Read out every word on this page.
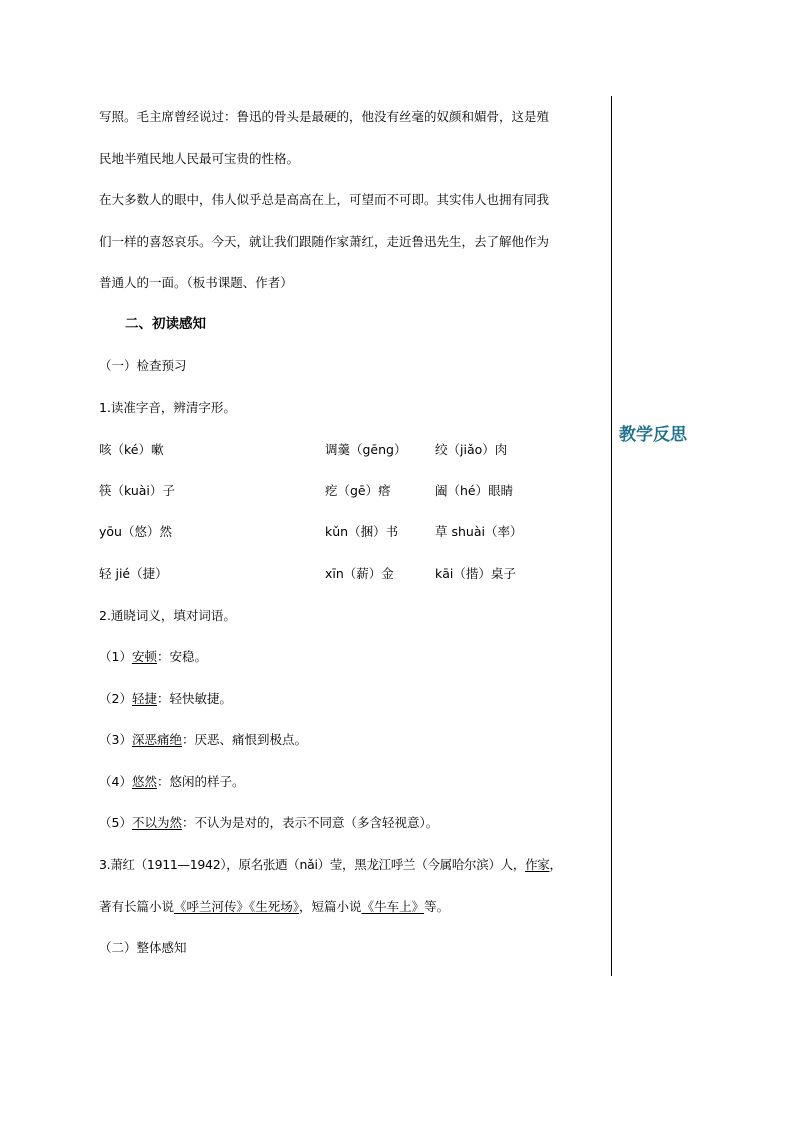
写照。毛主席曾经说过：鲁迅的骨头是最硬的，他没有丝毫的奴颜和媚骨，这是殖
民地半殖民地人民最可宝贵的性格。
在大多数人的眼中，伟人似乎总是高高在上，可望而不可即。其实伟人也拥有同我
们一样的喜怒哀乐。今天，就让我们跟随作家萧红，走近鲁迅先生，去了解他作为
普通人的一面。（板书课题、作者）
二、初读感知
（一）检查预习
1.读准字音，辨清字形。
咳（ké）嗽	调羹（gēng） 绞（jiǎo）肉
筷（kuài）子	疙（gē）瘩	阖（hé）眼睛
yōu（悠）然	kǔn（捆）书	草 shuài（率）
轻 jié（捷）	xīn（薪）金	kāi（揩）桌子
2.通晓词义，填对词语。
（1）安顿：安稳。
（2）轻捷：轻快敏捷。
（3）深恶痛绝：厌恶、痛恨到极点。
（4）悠然：悠闲的样子。
（5）不以为然：不认为是对的，表示不同意（多含轻视意）。
3.萧红（1911—1942），原名张迺（nǎi）莹，黑龙江呼兰（今属哈尔滨）人，作家，
著有长篇小说《呼兰河传》《生死场》，短篇小说《牛车上》等。
（二）整体感知
教学反思
